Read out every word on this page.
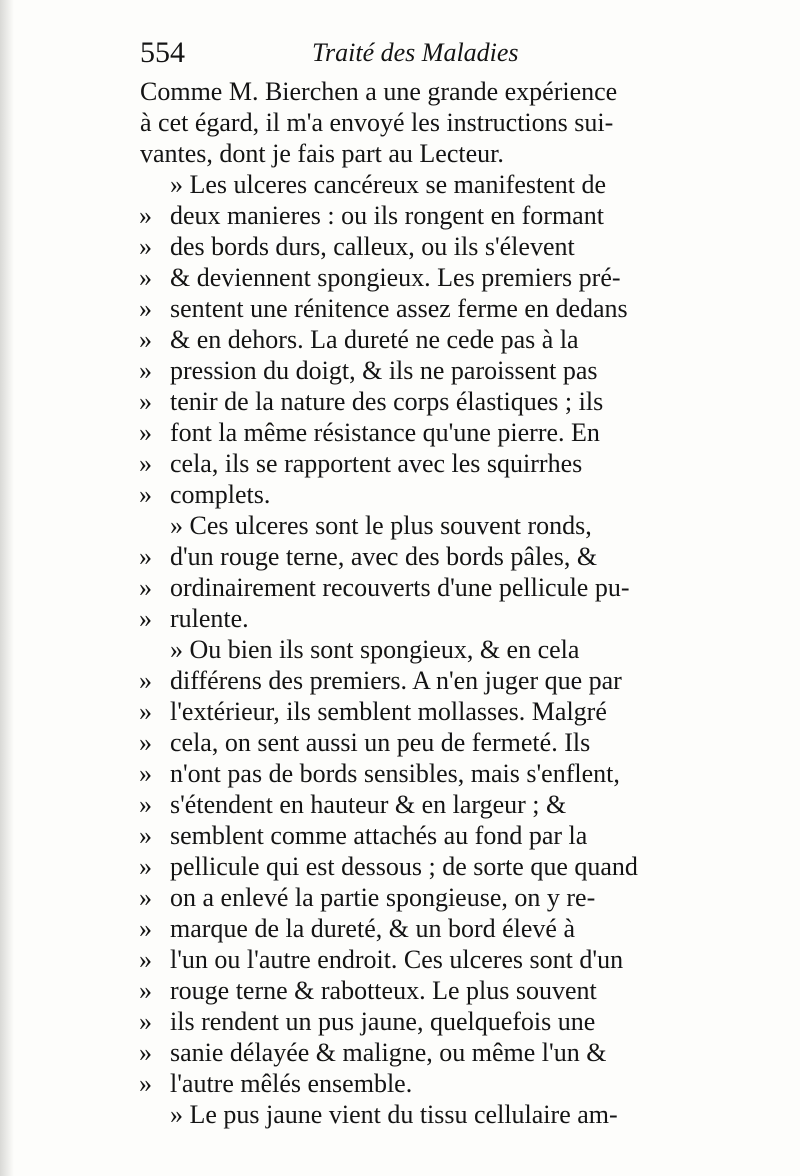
554	Traité des Maladies
Comme M. Bierchen a une grande expérience
à cet égard, il m'a envoyé les instructions sui-
vantes, dont je fais part au Lecteur.
» Les ulceres cancéreux se manifestent de
» deux manieres : ou ils rongent en formant
» des bords durs, calleux, ou ils s'élevent
» & deviennent spongieux. Les premiers pré-
» sentent une rénitence assez ferme en dedans
» & en dehors. La dureté ne cede pas à la
» pression du doigt, & ils ne paroissent pas
» tenir de la nature des corps élastiques ; ils
» font la même résistance qu'une pierre. En
» cela, ils se rapportent avec les squirrhes
» complets.
» Ces ulceres sont le plus souvent ronds,
» d'un rouge terne, avec des bords pâles, &
» ordinairement recouverts d'une pellicule pu-
» rulente.
» Ou bien ils sont spongieux, & en cela
» différens des premiers. A n'en juger que par
» l'extérieur, ils semblent mollasses. Malgré
» cela, on sent aussi un peu de fermeté. Ils
» n'ont pas de bords sensibles, mais s'enflent,
» s'étendent en hauteur & en largeur ; &
» semblent comme attachés au fond par la
» pellicule qui est dessous ; de sorte que quand
» on a enlevé la partie spongieuse, on y re-
» marque de la dureté, & un bord élevé à
» l'un ou l'autre endroit. Ces ulceres sont d'un
» rouge terne & rabotteux. Le plus souvent
» ils rendent un pus jaune, quelquefois une
» sanie délayée & maligne, ou même l'un &
» l'autre mêlés ensemble.
» Le pus jaune vient du tissu cellulaire am-
